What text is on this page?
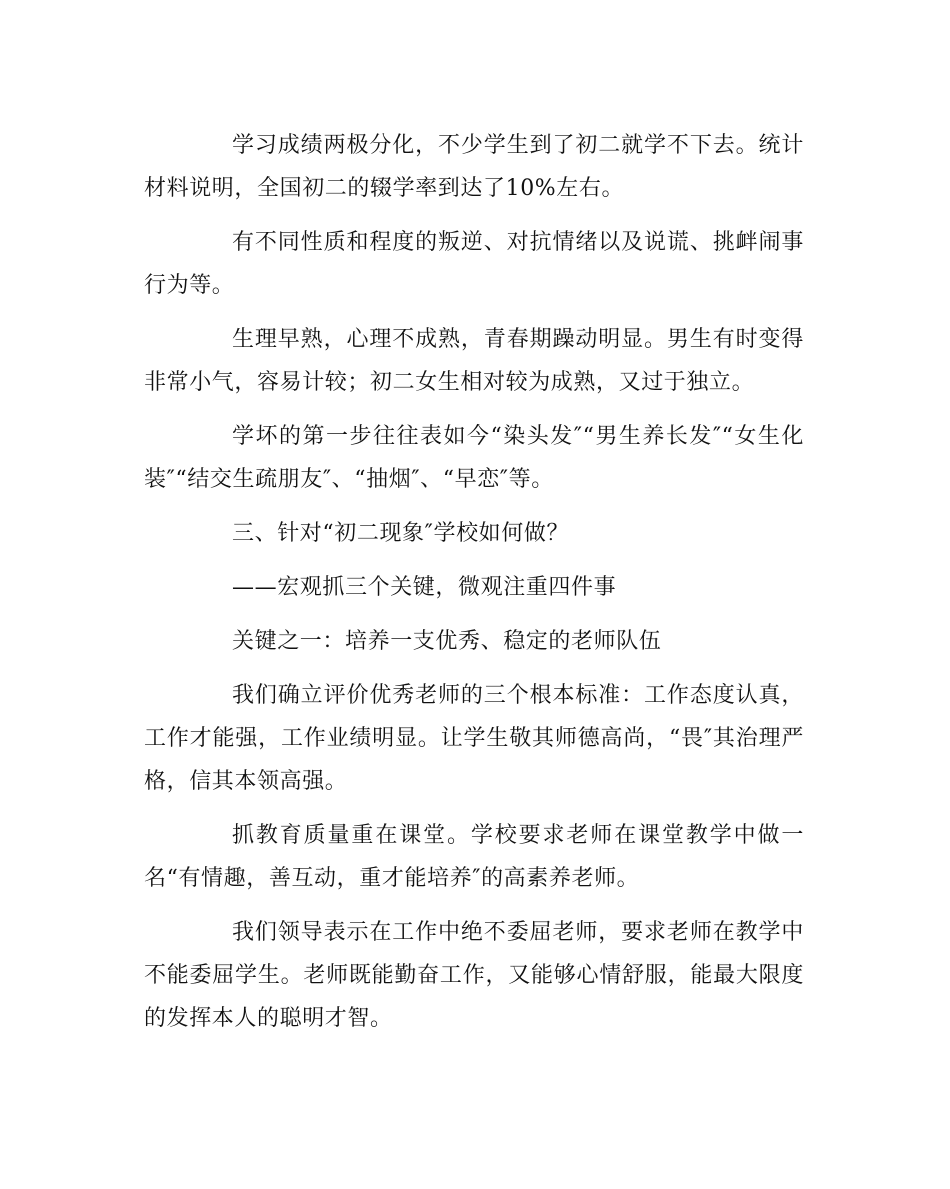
学习成绩两极分化，不少学生到了初二就学不下去。统计材料说明，全国初二的辍学率到达了10%左右。

有不同性质和程度的叛逆、对抗情绪以及说谎、挑衅闹事行为等。

生理早熟，心理不成熟，青春期躁动明显。男生有时变得非常小气，容易计较；初二女生相对较为成熟，又过于独立。

学坏的第一步往往表如今“染头发″“男生养长发″“女生化装″“结交生疏朋友″、“抽烟″、“早恋″等。

三、针对“初二现象″学校如何做？

——宏观抓三个关键，微观注重四件事

关键之一：培养一支优秀、稳定的老师队伍

我们确立评价优秀老师的三个根本标准：工作态度认真，工作才能强，工作业绩明显。让学生敬其师德高尚，“畏″其治理严格，信其本领高强。

抓教育质量重在课堂。学校要求老师在课堂教学中做一名“有情趣，善互动，重才能培养″的高素养老师。

我们领导表示在工作中绝不委屈老师，要求老师在教学中不能委屈学生。老师既能勤奋工作，又能够心情舒服，能最大限度的发挥本人的聪明才智。
